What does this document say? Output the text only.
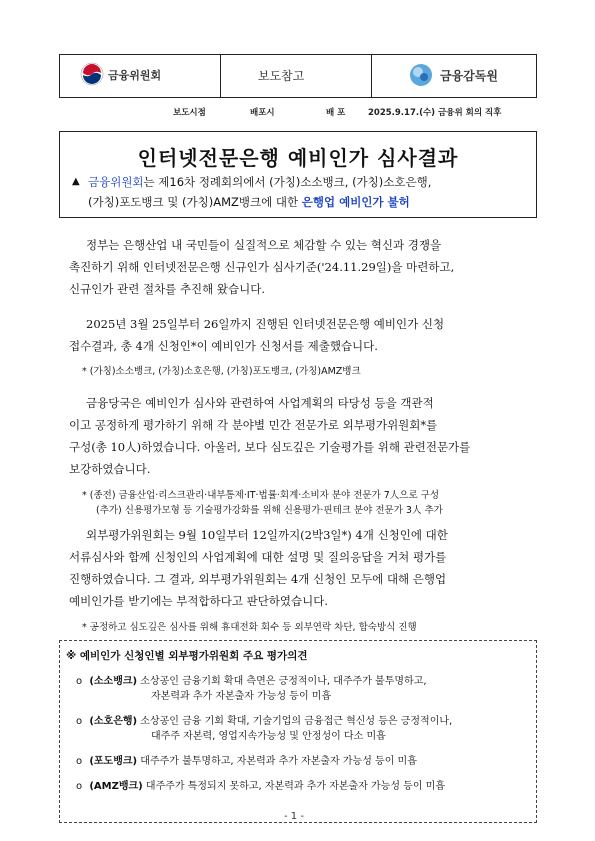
금융위원회	보도참고	금융감독원
보도시점	배포시	배 포	2025.9.17.(수) 금융위 회의 직후
인터넷전문은행 예비인가 심사결과
▲ 금융위원회는 제16차 정례회의에서 (가칭)소소뱅크, (가칭)소호은행,
(가칭)포도뱅크 및 (가칭)AMZ뱅크에 대한 은행업 예비인가 불허
정부는 은행산업 내 국민들이 실질적으로 체감할 수 있는 혁신과 경쟁을
촉진하기 위해 인터넷전문은행 신규인가 심사기준('24.11.29일)을 마련하고,
신규인가 관련 절차를 추진해 왔습니다.
2025년 3월 25일부터 26일까지 진행된 인터넷전문은행 예비인가 신청
접수결과, 총 4개 신청인*이 예비인가 신청서를 제출했습니다.
* (가칭)소소뱅크, (가칭)소호은행, (가칭)포도뱅크, (가칭)AMZ뱅크
금융당국은 예비인가 심사와 관련하여 사업계획의 타당성 등을 객관적
이고 공정하게 평가하기 위해 각 분야별 민간 전문가로 외부평가위원회*를
구성(총 10人)하였습니다. 아울러, 보다 심도깊은 기술평가를 위해 관련전문가를
보강하였습니다.
* (종전) 금융산업·리스크관리·내부통제·IT·법률·회계·소비자 분야 전문가 7人으로 구성
(추가) 신용평가모형 등 기술평가강화를 위해 신용평가·핀테크 분야 전문가 3人 추가
외부평가위원회는 9월 10일부터 12일까지(2박3일*) 4개 신청인에 대한
서류심사와 함께 신청인의 사업계획에 대한 설명 및 질의응답을 거쳐 평가를
진행하였습니다. 그 결과, 외부평가위원회는 4개 신청인 모두에 대해 은행업
예비인가를 받기에는 부적합하다고 판단하였습니다.
* 공정하고 심도깊은 심사를 위해 휴대전화 회수 등 외부연락 차단, 합숙방식 진행
※ 예비인가 신청인별 외부평가위원회 주요 평가의견
o (소소뱅크) 소상공인 금융기회 확대 측면은 긍정적이나, 대주주가 불투명하고,
자본력과 추가 자본출자 가능성 등이 미흡
o (소호은행) 소상공인 금융 기회 확대, 기술기업의 금융접근 혁신성 등은 긍정적이나,
대주주 자본력, 영업지속가능성 및 안정성이 다소 미흡
o (포도뱅크) 대주주가 불투명하고, 자본력과 추가 자본출자 가능성 등이 미흡
o (AMZ뱅크) 대주주가 특정되지 못하고, 자본력과 추가 자본출자 가능성 등이 미흡
- 1 -
